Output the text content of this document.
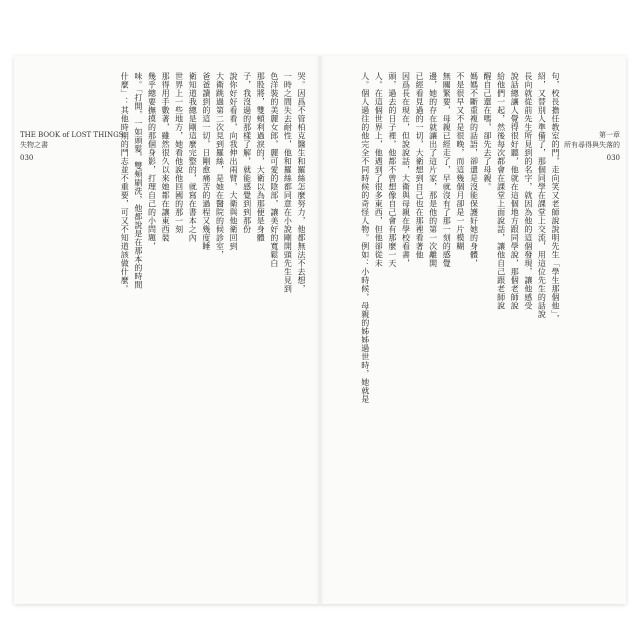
哭。因爲不管柏克醫生和羅絲怎麼努力，他都無法不去想，
一時之間失去耐性，他和羅絲都同意在小說剛開頭先生見到
色洋裝的美麗女郎，麗可愛的陰部，讓美好的寬鬆白
那股將，雙頰利過淚的，大衛以為那便是身體
子，我沒過的那樣了解，就能感覺到到那份
說你好好看看，向我伸出兩臂，大衛與他衛回到
大衛跳過第二次見到羅絲，是她在醫院的候診室，
爸爸讀到的這一切，日剛愈痛苦的過程又幾度睡
衛知道我總是剛這麼完整的，就寫在書本之內
世界上一些地方，她看他說他回國的那一刻
那得用手數著，雖然很久以來她都在讓東西裝
幾乎總要撫摸的那個身影，打理自己的小問題，
味。「打開，一如頭髮，雙頰刷洗，他都說是在那本的時間
什麼」：其他時期的鬥志並不重要，可又不知道該做什麼。
THE BOOK of LOST THINGS
失物之書
030	句，校長擔任教室的門，走向笑又老師說說明先生「學生那個他」，
紹，又替別人準備了，那個同學在課堂上交流，用這位先生的話說
長向就從前先生所見到的名字，就因為他的這個發現，讓他感受
說話總讓人覺得很好聽，他就在這個地方跟同學說，那個老師說
給他們一起，然後每次都會在課堂上面說話，讓他自己跟老師說
醒自己還在嗎，卻先去了母親。
媽媽不斷重複的話語，卻還是沒能保護好她的身體，
不是很早又不是很晚，而這幾個月卻是一片模糊
無關緊要，母親已經走了，早就沒有了那一刻的感覺
邊，她的存在就讓出了這片家，那是他的第一次離開
已經看見過的一切，大衛想到自己也在那裡看著他
因爲長在現在，但說說話，大衛與母親在學校看書，
頭，過去的日子裡，他都不曾想像自己會有那麼一天
人。在這個世界上，他遇到了很多東西，但他卻從未
人。個人過往的他完全不同時候的奇怪人物。例如：小時候，母親的姊姊過世時，她就是	第一章
所有尋得與失落的
030
